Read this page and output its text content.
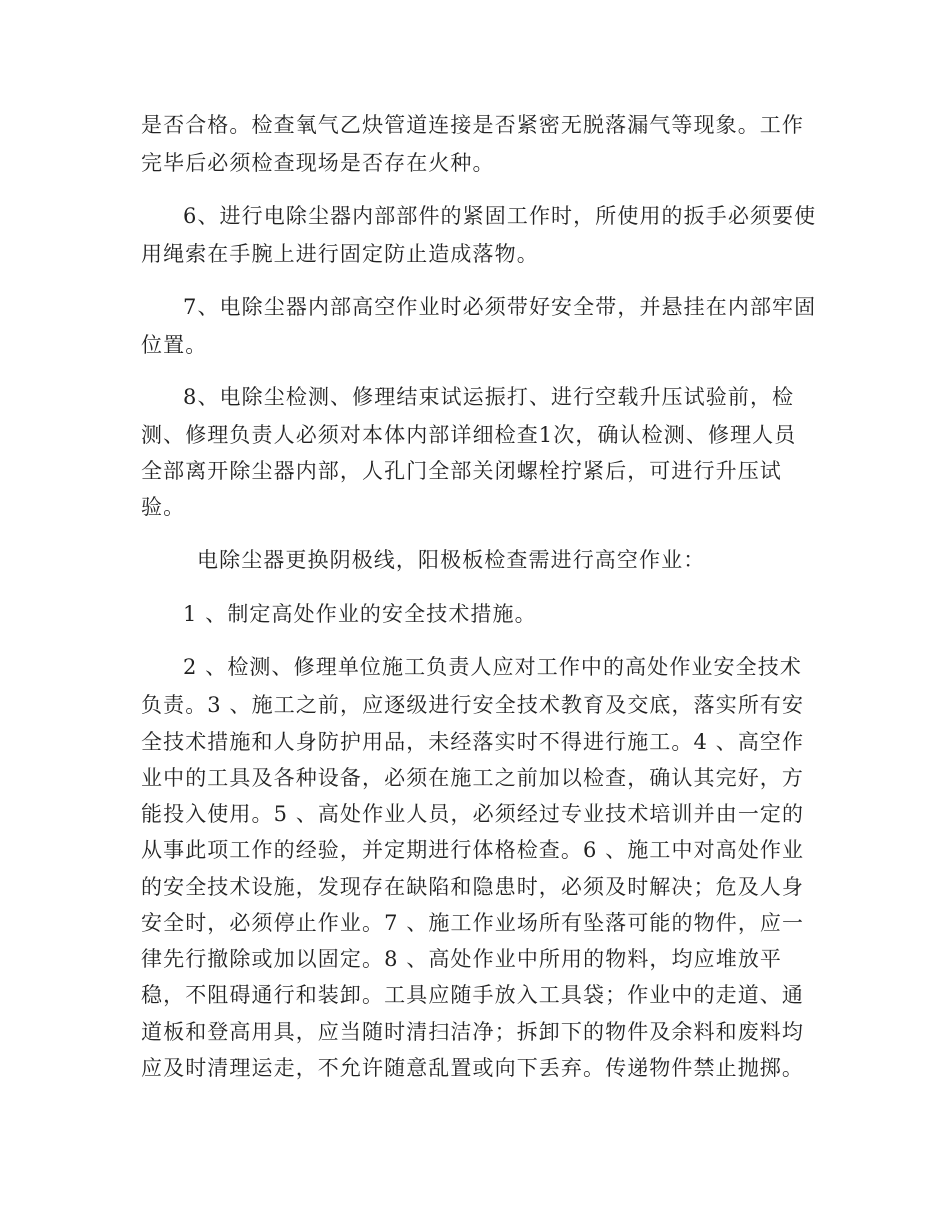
是否合格。检查氧气乙炔管道连接是否紧密无脱落漏气等现象。工作
完毕后必须检查现场是否存在火种。
6、进行电除尘器内部部件的紧固工作时，所使用的扳手必须要使
用绳索在手腕上进行固定防止造成落物。
7、电除尘器内部高空作业时必须带好安全带，并悬挂在内部牢固
位置。
8、电除尘检测、修理结束试运振打、进行空载升压试验前，检
测、修理负责人必须对本体内部详细检查1次，确认检测、修理人员
全部离开除尘器内部，人孔门全部关闭螺栓拧紧后，可进行升压试
验。
电除尘器更换阴极线，阳极板检查需进行高空作业：
1 、制定高处作业的安全技术措施。
2 、检测、修理单位施工负责人应对工作中的高处作业安全技术
负责。3 、施工之前，应逐级进行安全技术教育及交底，落实所有安
全技术措施和人身防护用品，未经落实时不得进行施工。4 、高空作
业中的工具及各种设备，必须在施工之前加以检查，确认其完好，方
能投入使用。5 、高处作业人员，必须经过专业技术培训并由一定的
从事此项工作的经验，并定期进行体格检查。6 、施工中对高处作业
的安全技术设施，发现存在缺陷和隐患时，必须及时解决；危及人身
安全时，必须停止作业。7 、施工作业场所有坠落可能的物件，应一
律先行撤除或加以固定。8 、高处作业中所用的物料，均应堆放平
稳，不阻碍通行和装卸。工具应随手放入工具袋；作业中的走道、通
道板和登高用具，应当随时清扫洁净；拆卸下的物件及余料和废料均
应及时清理运走，不允许随意乱置或向下丢弃。传递物件禁止抛掷。
